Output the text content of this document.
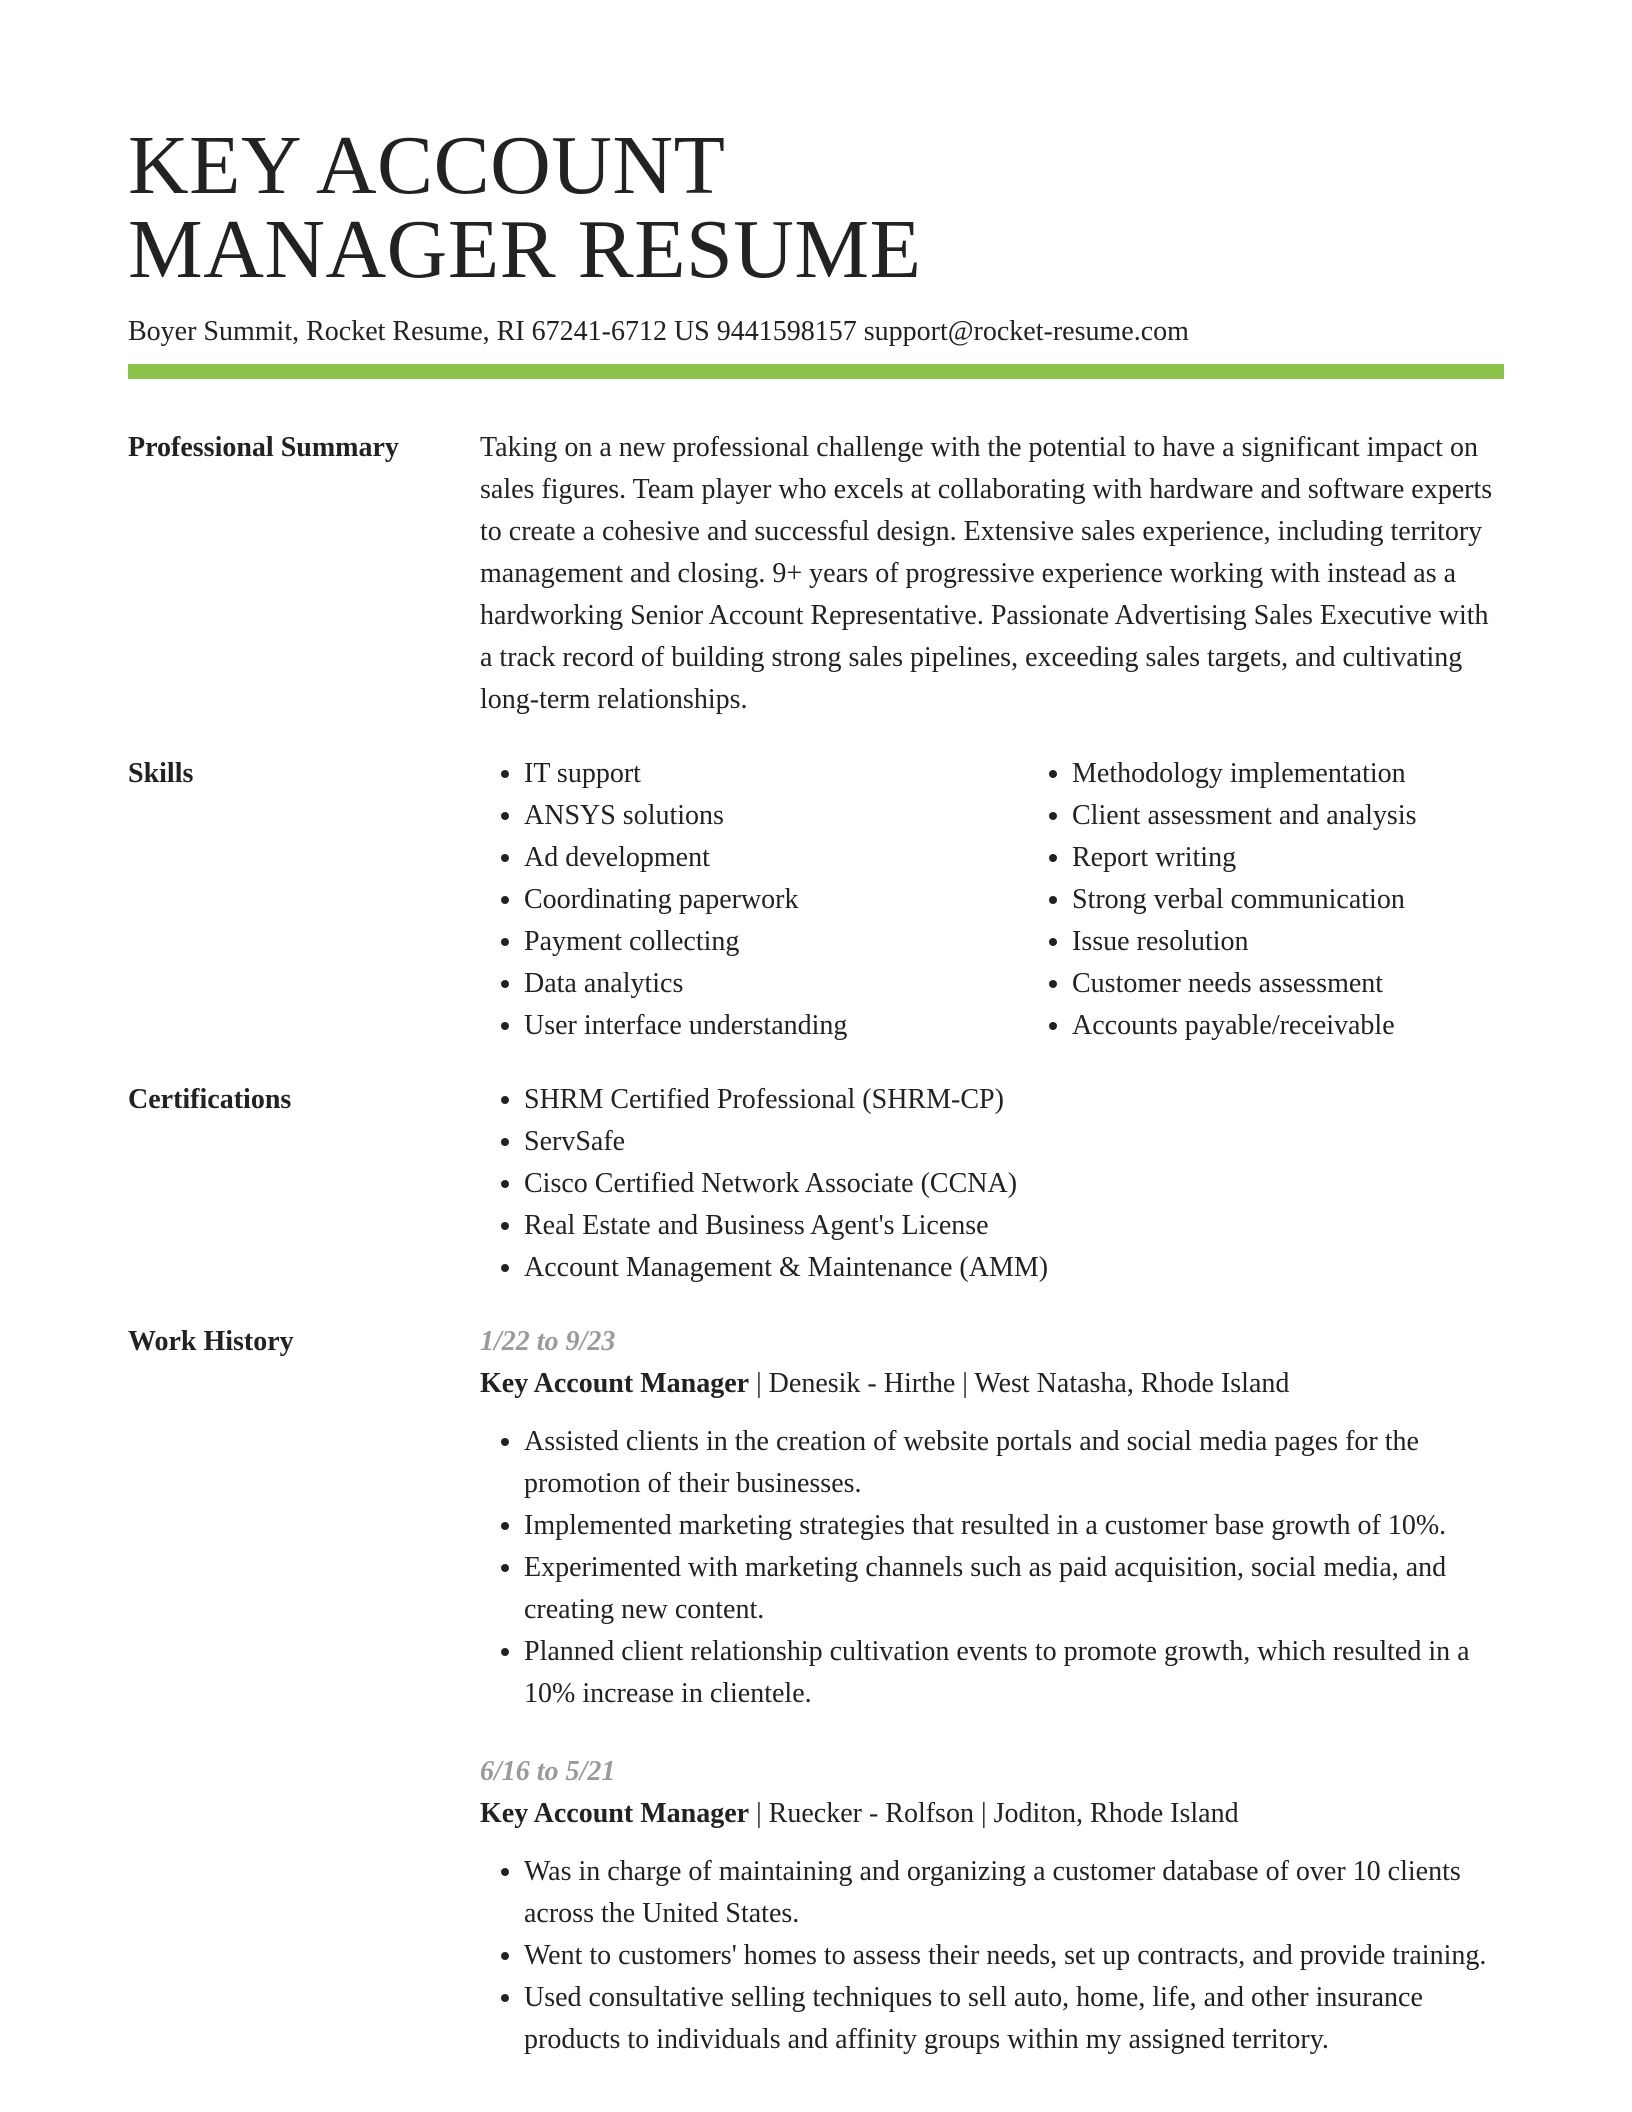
KEY ACCOUNT
MANAGER RESUME
Boyer Summit, Rocket Resume, RI 67241-6712 US 9441598157 support@rocket-resume.com
Professional Summary	Taking on a new professional challenge with the potential to have a significant impact on sales figures. Team player who excels at collaborating with hardware and software experts to create a cohesive and successful design. Extensive sales experience, including territory management and closing. 9+ years of progressive experience working with instead as a hardworking Senior Account Representative. Passionate Advertising Sales Executive with a track record of building strong sales pipelines, exceeding sales targets, and cultivating long-term relationships.
Skills	• IT support
• ANSYS solutions
• Ad development
• Coordinating paperwork
• Payment collecting
• Data analytics
• User interface understanding
• Methodology implementation
• Client assessment and analysis
• Report writing
• Strong verbal communication
• Issue resolution
• Customer needs assessment
• Accounts payable/receivable
Certifications	• SHRM Certified Professional (SHRM-CP)
• ServSafe
• Cisco Certified Network Associate (CCNA)
• Real Estate and Business Agent's License
• Account Management & Maintenance (AMM)
Work History	1/22 to 9/23
Key Account Manager | Denesik - Hirthe | West Natasha, Rhode Island
• Assisted clients in the creation of website portals and social media pages for the promotion of their businesses.
• Implemented marketing strategies that resulted in a customer base growth of 10%.
• Experimented with marketing channels such as paid acquisition, social media, and creating new content.
• Planned client relationship cultivation events to promote growth, which resulted in a 10% increase in clientele.
6/16 to 5/21
Key Account Manager | Ruecker - Rolfson | Joditon, Rhode Island
• Was in charge of maintaining and organizing a customer database of over 10 clients across the United States.
• Went to customers' homes to assess their needs, set up contracts, and provide training.
• Used consultative selling techniques to sell auto, home, life, and other insurance products to individuals and affinity groups within my assigned territory.
